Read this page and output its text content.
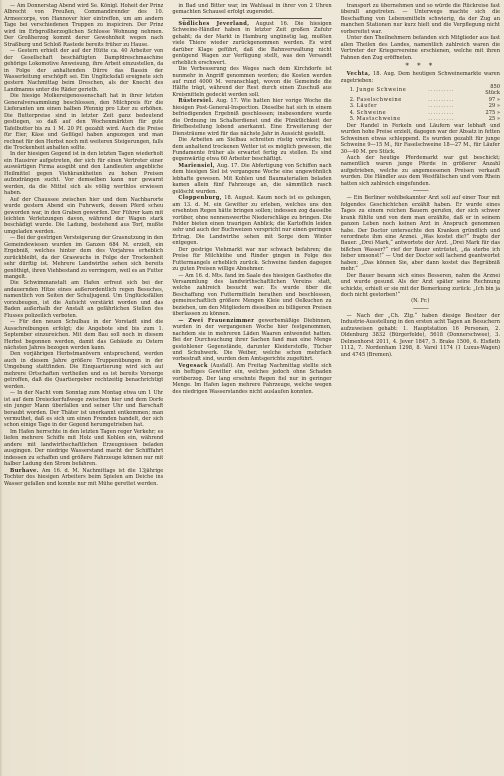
— Am Donnerstag Abend wird Se. Königl. Hoheit der Prinz Albrecht von Preußen, Commandirender des 10. Armeecorps, von Hannover hier eintreffen, um am andern Tage bei verschiedenen Truppen zu inspiciren. Der Prinz wird im Erbgroßherzoglichen Schlosse Wohnung nehmen. Der Großherzog kommt derer Gewohnheit wegen nach Straßburg und Schloß Rastede bereits früher zu Hause.

— Gestern erhielt der auf der Hütte ca. 40 Arbeiter von der Gesellschaft beschäftigten Dampfdreschmaschine gehörige Lokomotive Anweisung, ihre Arbeit einzustellen, da in Folge der anhaltenden Dürre das Bassin der Wasserleitung erschöpft sei. Ein Unglücksfall ereignete sich gestern Nachmittag beim Dreschen, als der Knecht des Landmanns unter die Räder gerieth.

Die hiesige Molkereigenossenschaft hat in ihrer letzten Generalversammlung beschlossen, den Milchpreis für die Lieferanten um einen halben Pfennig pro Liter zu erhöhen. Die Butterpreise sind in letzter Zeit ganz bedeutend gestiegen, so daß auf den Wochenmärkten für gute Tafelbutter bis zu 1 M. 20 Pf. gezahlt wird. Auch die Preise für Eier, Käse und Geflügel haben angezogen und man rechnet für den Herbst noch mit weiteren Steigerungen, falls die Trockenheit anhalten sollte.

In der hiesigen Gegend ist in den letzten Tagen wiederholt ein Hausirer aufgetreten, der sich für einen Vertreter einer auswärtigen Firma ausgibt und den Landleuten angebliche Heilmittel gegen Viehkrankheiten zu hohen Preisen aufzudrängen sucht. Vor demselben kann nur gewarnt werden, da die Mittel sich als völlig werthlos erwiesen haben.

Auf der Chaussee zwischen hier und dem Nachbarorte wurde gestern Abend ein Fuhrwerk, dessen Pferd scheu geworden war, in den Graben geworfen. Der Führer kam mit leichten Verletzungen davon, während der Wagen stark beschädigt wurde. Die Ladung, bestehend aus Torf, mußte umgeladen werden.

— Bei der gestrigen Versteigerung der Grasnutzung in den Gemeindewiesen wurden im Ganzen 684 M. erzielt, ein Ergebniß, welches hinter dem des Vorjahres erheblich zurückbleibt, da der Graswuchs in Folge der Trockenheit sehr dürftig ist. Mehrere Landwirthe sehen sich bereits genöthigt, ihren Viehbestand zu verringern, weil es an Futter mangelt.

Die Schwimmanstalt am Hafen erfreut sich bei der andauernden Hitze eines außerordentlich regen Besuches, namentlich von Seiten der Schuljugend. Um Unglücksfällen vorzubeugen, ist die Aufsicht verstärkt worden und das Baden außerhalb der Anstalt an gefährlichen Stellen des Flusses polizeilich verboten.

— Für den neuen Schulbau in der Vorstadt sind die Ausschreibungen erfolgt; die Angebote sind bis zum 1. September einzureichen. Mit dem Bau soll noch in diesem Herbst begonnen werden, damit das Gebäude zu Ostern nächsten Jahres bezogen werden kann.

Den vorjährigen Herbstmanövern entsprechend, werden auch in diesem Jahre größere Truppenübungen in der Umgebung stattfinden. Die Einquartierung wird sich auf mehrere Ortschaften vertheilen und es ist bereits Vorsorge getroffen, daß die Quartiergeber rechtzeitig benachrichtigt werden.

— In der Nacht vom Sonntag zum Montag etwa um 1 Uhr ist auf dem Dreieckerfußwege zwischen hier und dem Dorfe ein junger Mann überfallen und seiner Uhr und Barschaft beraubt worden. Der Thäter ist unerkannt entkommen; man vermuthet, daß es sich um einen Fremden handelt, der sich schon einige Tage in der Gegend herumgetrieben hat.

Im Hafen herrschte in den letzten Tagen reger Verkehr; es liefen mehrere Schiffe mit Holz und Kohlen ein, während andere mit landwirthschaftlichen Erzeugnissen beladen ausgingen. Der niedrige Wasserstand macht der Schifffahrt indessen zu schaffen und größere Fahrzeuge können nur mit halber Ladung den Strom befahren.

Burhave. Am 16. d. M. Nachmittags ist die 13jährige Tochter des hiesigen Arbeiters beim Spielen am Deiche ins Wasser gefallen und konnte nur mit Mühe gerettet werden.

in Bad und Bitter war, im Wahlsaal in ihrer von 2 Uhren gemachten Schausel erfolgt zugeredet.

Südliches Jeverland, August 16. Die hiesigen Schweine-Händler haben in letzter Zeit großen Zufuhr gehabt; da der Markt in Hamburg ungünstig lag, mußten viele Thiere wieder zurückgenommen werden. Es wird darüber Klage geführt, daß die Bahnverwaltung nicht genügend Wagen zur Verfügung stellt, was den Versandt erheblich erschwert.

Die Verbesserung des Weges nach dem Kirchdorfe ist nunmehr in Angriff genommen worden; die Kosten werden auf rund 4000 M. veranschlagt, wovon die Gemeinde die Hälfte trägt, während der Rest durch einen Zuschuß aus Kreismitteln gedeckt werden soll.

Rüstersiel. Aug. 17. Wie hatten hier vorige Woche die hiesigen Post-General-Inspection. Dieselbe hat sich in einem befriedigenden Ergebniß geschlossen; insbesondere wurde die Ordnung im Schalterdienst und die Pünktlichkeit der Briefbestellung lobend anerkannt. Eine Erweiterung der Diensträume wird für das nächste Jahr in Aussicht gestellt.

Die Arbeiten am Sielbau schreiten rüstig vorwärts; bei dem anhaltend trockenen Wetter ist es möglich gewesen, die Fundamente früher als erwartet fertig zu stellen. Es sind gegenwärtig etwa 60 Arbeiter beschäftigt.

Mariensiel, Aug. 17. Die Abfertigung von Schiffen nach dem hiesigen Siel ist vergangene Woche eine ungewöhnlich lebhafte gewesen. Mit Kohlen und Baumaterialien beladen kamen allein fünf Fahrzeuge an, die sämmtlich rasch gelöscht wurden.

Cloppenburg, 18. August. Kaum noch ist es gelungen, am 13. d. M. ein Gewitter zu erleben, welches uns den ersehnten Regen hätte bringen sollen; indessen zog dasselbe vorüber, ohne nennenswerthe Niederschläge zu bringen. Die Felder bieten einen traurigen Anblick; die Kartoffeln leiden sehr und auch der Buchweizen verspricht nur einen geringen Ertrag. Die Landwirthe sehen mit Sorge dem Winter entgegen.

Der gestrige Viehmarkt war nur schwach befahren; die Preise für Milchkühe und Rinder gingen in Folge des Futtermangels erheblich zurück. Schweine fanden dagegen zu guten Preisen willige Abnehmer.

— Am 16. d. Mts. fand im Saale des hiesigen Gasthofes die Versammlung des landwirthschaftlichen Vereins statt, welche zahlreich besucht war. Es wurde über die Beschaffung von Futtermitteln berathen und beschlossen, gemeinschaftlich größere Mengen Kleie und Oelkuchen zu beziehen, um den Mitgliedern dieselben zu billigeren Preisen überlassen zu können.

— Zwei Frauenzimmer gewerbsmäßige Diebinnen, wurden in der vergangenen Woche hier festgenommen, nachdem sie in mehreren Läden Waaren entwendet hatten. Bei der Durchsuchung ihrer Sachen fand man eine Menge gestohlener Gegenstände, darunter Kleiderstoffe, Tücher und Schuhwerk. Die Weiber, welche schon mehrfach vorbestraft sind, wurden dem Amtsgerichte zugeführt.

Vegesack (Ausfall). Am Freitag Nachmittag stellte sich ein heftiges Gewitter ein, welches jedoch ohne Schaden vorüberzog. Der lang ersehnte Regen fiel nur in geringer Menge. Im Hafen lagen mehrere Fahrzeuge, welche wegen des niedrigen Wasserstandes nicht auslaufen konnten.

transport zu übernehmen und so würde die Rückreise fast überall angetreten. — Unterwegs machte sich die Beschaffung von Lebensmitteln schwierig, da der Zug an manchen Stationen nur kurz hielt und die Verpflegung nicht vorbereitet war.

Unter den Theilnehmern befanden sich Mitglieder aus fast allen Theilen des Landes, namentlich zahlreich waren die Vertreter der Kriegervereine erschienen, welche mit ihren Fahnen den Zug eröffneten.

* * *

Vechta, 18. Aug. Dem heutigen Schweinemarkte waren zugetrieben:

1.	Junge Schweine	..........	850 Stück
2.	Faselschweine	..........	97 »
3.	Läufer	..........	29 »
4.	Schweine	..........	275 »
5.	Mastschweine	..........	25 »

Der Handel in Ferkeln und Läufern war lebhaft und wurden hohe Preise erzielt, dagegen war der Absatz in fetten Schweinen etwas schleppend. Es wurden gezahlt für junge Schweine 9—15 M., für Faselschweine 18—27 M., für Läufer 30—40 M. pro Stück.

Auch der heutige Pferdemarkt war gut beschickt; namentlich waren junge Pferde in größerer Anzahl aufgetrieben, welche zu angemessenen Preisen verkauft wurden. Die Händler aus dem Westfälischen und vom Rhein hatten sich zahlreich eingefunden.

———

— Ein Berliner wohlbekannter Arzt soll auf einer Tour mit folgendes Geschichtchen erzählt haben. Er wurde eines Tages zu einem reichen Bauern gerufen, der sich schwer krank fühlte und von dem man erzählte, daß er in seinem ganzen Leben noch keinen Arzt in Anspruch genommen habe. Der Doctor untersuchte den Kranken gründlich und verordnete ihm eine Arznei. „Was kostet die?“ fragte der Bauer. „Drei Mark,“ antwortete der Arzt. „Drei Mark für das bißchen Wasser?“ rief der Bauer entrüstet, „da sterbe ich lieber umsonst!“ — Und der Doctor soll lachend geantwortet haben: „Das können Sie, aber dann kostet das Begräbniß mehr.“

Der Bauer besann sich eines Besseren, nahm die Arznei und wurde gesund. Als der Arzt später seine Rechnung schickte, erhielt er sie mit der Bemerkung zurück: „Ich bin ja doch nicht gestorben!“

(N. Fr.)

———

— Nach der „Ch. Ztg.“ haben diesige Besitzer der Industrie-Ausstellung in den ersten acht Tagen an Besuchern aufzuweisen gehabt: 1. Hauptstation 16 Personen, 2. Oldenburg 3832 (Bürgerfelde), 5618 (Donnerschwee), 3. Delmenhorst 2011, 4. Jever 1847, 5. Brake 1506, 6. Elsfleth 1112, 7. Nordenham 1298, 8. Varel 1174 (1 Luxus-Wagen) und 4745 (Bremen).
